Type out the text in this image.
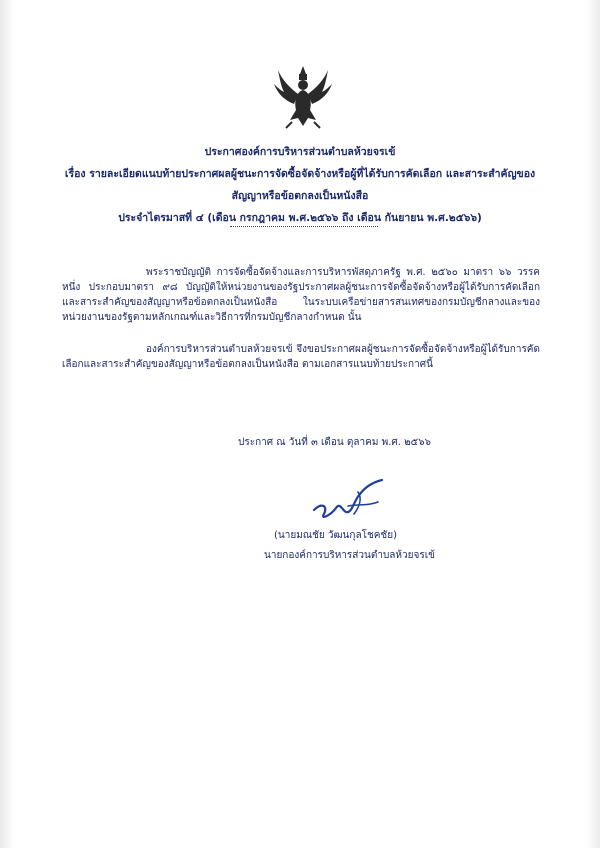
ประกาศองค์การบริหารส่วนตำบลห้วยจรเข้

เรื่อง รายละเอียดแนบท้ายประกาศผลผู้ชนะการจัดซื้อจัดจ้างหรือผู้ที่ได้รับการคัดเลือก และสาระสำคัญของ

สัญญาหรือข้อตกลงเป็นหนังสือ

ประจำไตรมาสที่ ๔ (เดือน กรกฎาคม พ.ศ.๒๕๖๖ ถึง เดือน กันยายน พ.ศ.๒๕๖๖)

พระราชบัญญัติ การจัดซื้อจัดจ้างและการบริหารพัสดุภาครัฐ พ.ศ. ๒๕๖๐ มาตรา ๖๖ วรรคหนึ่ง ประกอบมาตรา ๙๘ บัญญัติให้หน่วยงานของรัฐประกาศผลผู้ชนะการจัดซื้อจัดจ้างหรือผู้ได้รับการคัดเลือกและสาระสำคัญของสัญญาหรือข้อตกลงเป็นหนังสือ ในระบบเครือข่ายสารสนเทศของกรมบัญชีกลางและของหน่วยงานของรัฐตามหลักเกณฑ์และวิธีการที่กรมบัญชีกลางกำหนด นั้น

องค์การบริหารส่วนตำบลห้วยจรเข้ จึงขอประกาศผลผู้ชนะการจัดซื้อจัดจ้างหรือผู้ได้รับการคัดเลือกและสาระสำคัญของสัญญาหรือข้อตกลงเป็นหนังสือ ตามเอกสารแนบท้ายประกาศนี้

ประกาศ ณ วันที่ ๓ เดือน ตุลาคม พ.ศ. ๒๕๖๖

(นายมณชัย วัฒนกุลโชคชัย)

นายกองค์การบริหารส่วนตำบลห้วยจรเข้
